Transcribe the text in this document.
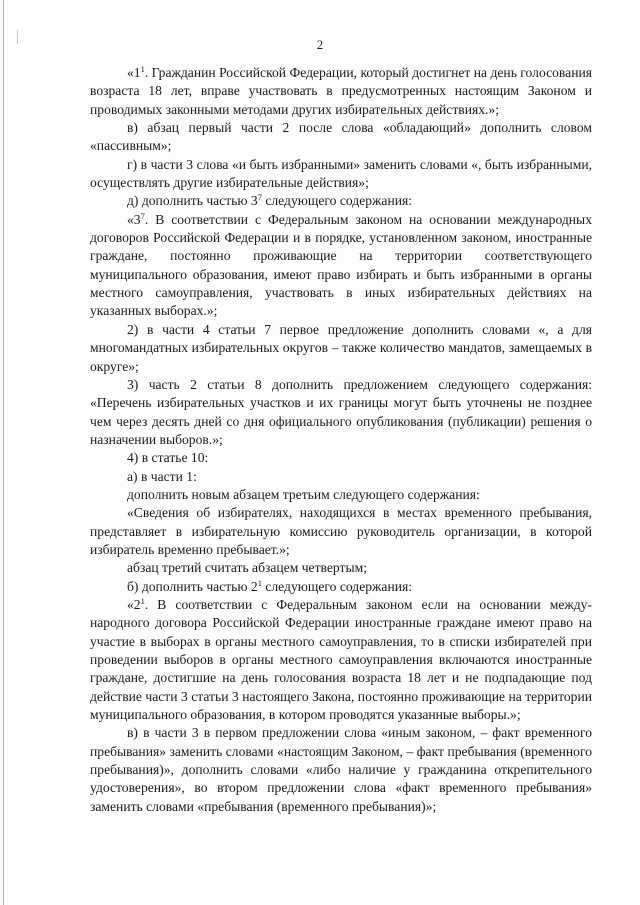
2

«$1^1$. Гражданин Российской Федерации, который достигнет на день голосования возраста 18 лет, вправе участвовать в предусмотренных настоящим Законом и проводимых законными методами других избирательных действиях.»;

в) абзац первый части 2 после слова «обладающий» дополнить словом «пассивным»;

г) в части 3 слова «и быть избранными» заменить словами «, быть избранными, осуществлять другие избирательные действия»;

д) дополнить частью $3^7$ следующего содержания:

«$3^7$. В соответствии с Федеральным законом на основании международных договоров Российской Федерации и в порядке, установленном законом, иностранные граждане, постоянно проживающие на территории соответствующего муниципального образования, имеют право избирать и быть избранными в органы местного самоуправления, участвовать в иных избирательных действиях на указанных выборах.»;

2) в части 4 статьи 7 первое предложение дополнить словами «, а для многомандатных избирательных округов – также количество мандатов, замещаемых в округе»;

3) часть 2 статьи 8 дополнить предложением следующего содержания: «Перечень избирательных участков и их границы могут быть уточнены не позднее чем через десять дней со дня официального опубликования (публикации) решения о назначении выборов.»;

4) в статье 10:

а) в части 1:

дополнить новым абзацем третьим следующего содержания:

«Сведения об избирателях, находящихся в местах временного пребывания, представляет в избирательную комиссию руководитель организации, в которой избиратель временно пребывает.»;

абзац третий считать абзацем четвертым;

б) дополнить частью $2^1$ следующего содержания:

«$2^1$. В соответствии с Федеральным законом если на основании международного договора Российской Федерации иностранные граждане имеют право на участие в выборах в органы местного самоуправления, то в списки избирателей при проведении выборов в органы местного самоуправления включаются иностранные граждане, достигшие на день голосования возраста 18 лет и не подпадающие под действие части 3 статьи 3 настоящего Закона, постоянно проживающие на территории муниципального образования, в котором проводятся указанные выборы.»;

в) в части 3 в первом предложении слова «иным законом, – факт временного пребывания» заменить словами «настоящим Законом, – факт пребывания (временного пребывания)», дополнить словами «либо наличие у гражданина открепительного удостоверения», во втором предложении слова «факт временного пребывания» заменить словами «пребывания (временного пребывания)»;
